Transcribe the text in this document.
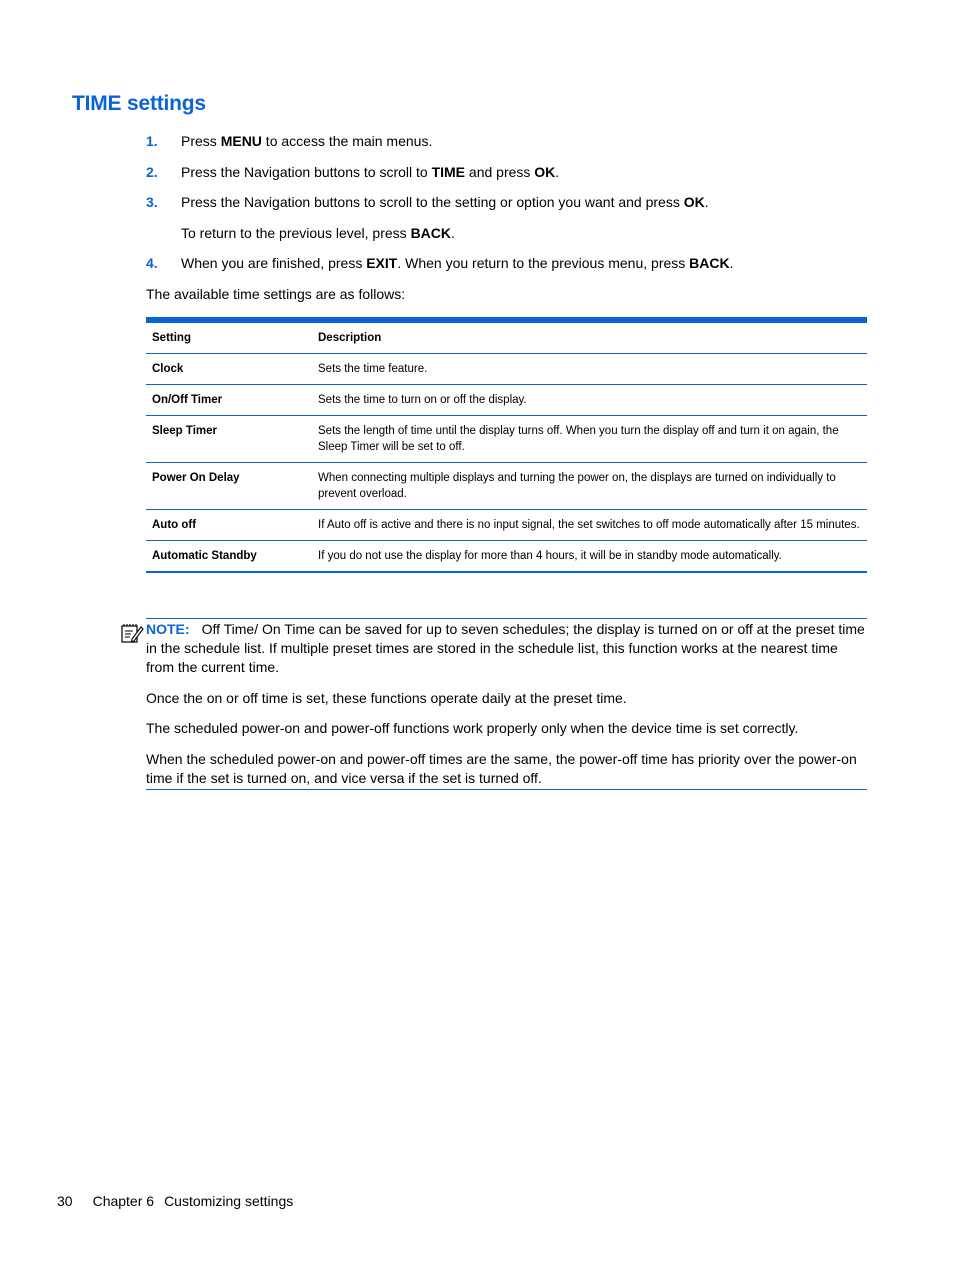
TIME settings
1. Press MENU to access the main menus.
2. Press the Navigation buttons to scroll to TIME and press OK.
3. Press the Navigation buttons to scroll to the setting or option you want and press OK.
To return to the previous level, press BACK.
4. When you are finished, press EXIT. When you return to the previous menu, press BACK.

The available time settings are as follows:

Setting	Description
Clock	Sets the time feature.
On/Off Timer	Sets the time to turn on or off the display.
Sleep Timer	Sets the length of time until the display turns off. When you turn the display off and turn it on again, the Sleep Timer will be set to off.
Power On Delay	When connecting multiple displays and turning the power on, the displays are turned on individually to prevent overload.
Auto off	If Auto off is active and there is no input signal, the set switches to off mode automatically after 15 minutes.
Automatic Standby	If you do not use the display for more than 4 hours, it will be in standby mode automatically.

NOTE: Off Time/ On Time can be saved for up to seven schedules; the display is turned on or off at the preset time in the schedule list. If multiple preset times are stored in the schedule list, this function works at the nearest time from the current time.

Once the on or off time is set, these functions operate daily at the preset time.

The scheduled power-on and power-off functions work properly only when the device time is set correctly.

When the scheduled power-on and power-off times are the same, the power-off time has priority over the power-on time if the set is turned on, and vice versa if the set is turned off.

30 Chapter 6 Customizing settings
